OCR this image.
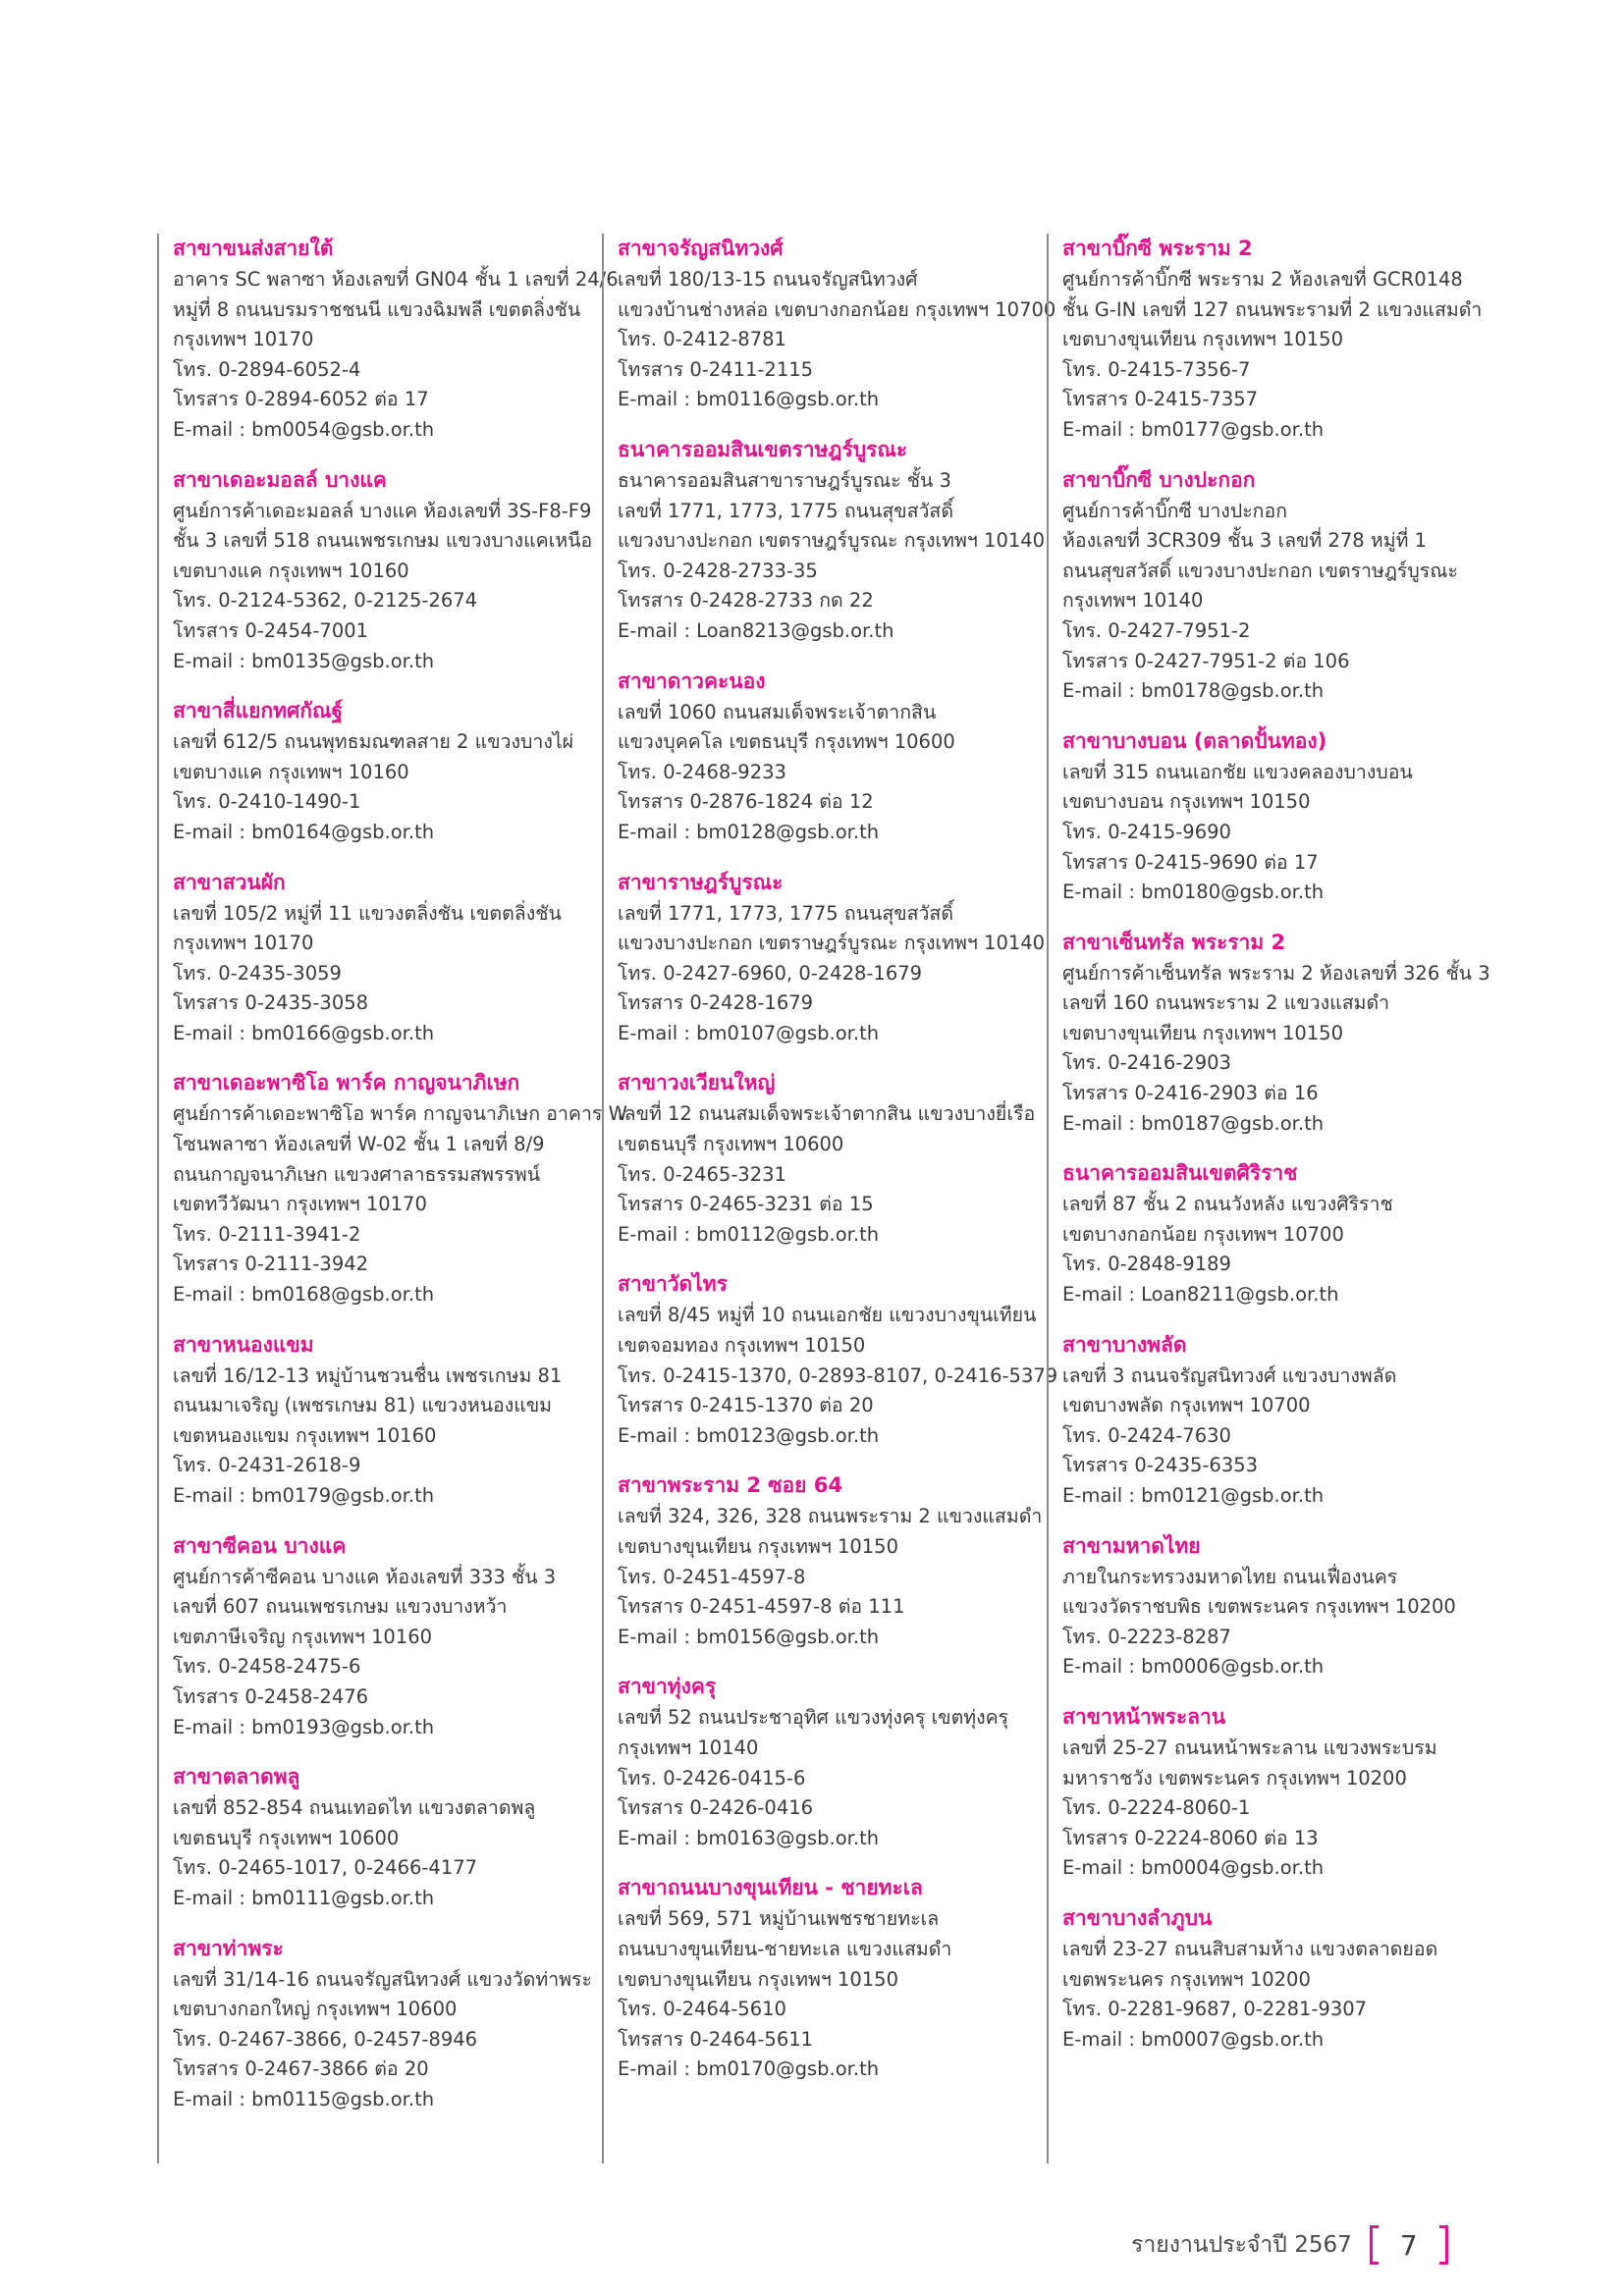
สาขาขนส่งสายใต้
อาคาร SC พลาซา ห้องเลขที่ GN04 ชั้น 1 เลขที่ 24/6
หมู่ที่ 8 ถนนบรมราชชนนี แขวงฉิมพลี เขตตลิ่งชัน
กรุงเทพฯ 10170
โทร. 0-2894-6052-4
โทรสาร 0-2894-6052 ต่อ 17
E-mail : bm0054@gsb.or.th
สาขาเดอะมอลล์ บางแค
ศูนย์การค้าเดอะมอลล์ บางแค ห้องเลขที่ 3S-F8-F9
ชั้น 3 เลขที่ 518 ถนนเพชรเกษม แขวงบางแคเหนือ
เขตบางแค กรุงเทพฯ 10160
โทร. 0-2124-5362, 0-2125-2674
โทรสาร 0-2454-7001
E-mail : bm0135@gsb.or.th
สาขาสี่แยกทศกัณฐ์
เลขที่ 612/5 ถนนพุทธมณฑลสาย 2 แขวงบางไผ่
เขตบางแค กรุงเทพฯ 10160
โทร. 0-2410-1490-1
E-mail : bm0164@gsb.or.th
สาขาสวนผัก
เลขที่ 105/2 หมู่ที่ 11 แขวงตลิ่งชัน เขตตลิ่งชัน
กรุงเทพฯ 10170
โทร. 0-2435-3059
โทรสาร 0-2435-3058
E-mail : bm0166@gsb.or.th
สาขาเดอะพาซิโอ พาร์ค กาญจนาภิเษก
ศูนย์การค้าเดอะพาซิโอ พาร์ค กาญจนาภิเษก อาคาร W
โซนพลาซา ห้องเลขที่ W-02 ชั้น 1 เลขที่ 8/9
ถนนกาญจนาภิเษก แขวงศาลาธรรมสพรรพน์
เขตทวีวัฒนา กรุงเทพฯ 10170
โทร. 0-2111-3941-2
โทรสาร 0-2111-3942
E-mail : bm0168@gsb.or.th
สาขาหนองแขม
เลขที่ 16/12-13 หมู่บ้านชวนชื่น เพชรเกษม 81
ถนนมาเจริญ (เพชรเกษม 81) แขวงหนองแขม
เขตหนองแขม กรุงเทพฯ 10160
โทร. 0-2431-2618-9
E-mail : bm0179@gsb.or.th
สาขาซีคอน บางแค
ศูนย์การค้าซีคอน บางแค ห้องเลขที่ 333 ชั้น 3
เลขที่ 607 ถนนเพชรเกษม แขวงบางหว้า
เขตภาษีเจริญ กรุงเทพฯ 10160
โทร. 0-2458-2475-6
โทรสาร 0-2458-2476
E-mail : bm0193@gsb.or.th
สาขาตลาดพลู
เลขที่ 852-854 ถนนเทอดไท แขวงตลาดพลู
เขตธนบุรี กรุงเทพฯ 10600
โทร. 0-2465-1017, 0-2466-4177
E-mail : bm0111@gsb.or.th
สาขาท่าพระ
เลขที่ 31/14-16 ถนนจรัญสนิทวงศ์ แขวงวัดท่าพระ
เขตบางกอกใหญ่ กรุงเทพฯ 10600
โทร. 0-2467-3866, 0-2457-8946
โทรสาร 0-2467-3866 ต่อ 20
E-mail : bm0115@gsb.or.th
สาขาจรัญสนิทวงศ์
เลขที่ 180/13-15 ถนนจรัญสนิทวงศ์
แขวงบ้านช่างหล่อ เขตบางกอกน้อย กรุงเทพฯ 10700
โทร. 0-2412-8781
โทรสาร 0-2411-2115
E-mail : bm0116@gsb.or.th
ธนาคารออมสินเขตราษฎร์บูรณะ
ธนาคารออมสินสาขาราษฎร์บูรณะ ชั้น 3
เลขที่ 1771, 1773, 1775 ถนนสุขสวัสดิ์
แขวงบางปะกอก เขตราษฎร์บูรณะ กรุงเทพฯ 10140
โทร. 0-2428-2733-35
โทรสาร 0-2428-2733 กด 22
E-mail : Loan8213@gsb.or.th
สาขาดาวคะนอง
เลขที่ 1060 ถนนสมเด็จพระเจ้าตากสิน
แขวงบุคคโล เขตธนบุรี กรุงเทพฯ 10600
โทร. 0-2468-9233
โทรสาร 0-2876-1824 ต่อ 12
E-mail : bm0128@gsb.or.th
สาขาราษฎร์บูรณะ
เลขที่ 1771, 1773, 1775 ถนนสุขสวัสดิ์
แขวงบางปะกอก เขตราษฎร์บูรณะ กรุงเทพฯ 10140
โทร. 0-2427-6960, 0-2428-1679
โทรสาร 0-2428-1679
E-mail : bm0107@gsb.or.th
สาขาวงเวียนใหญ่
เลขที่ 12 ถนนสมเด็จพระเจ้าตากสิน แขวงบางยี่เรือ
เขตธนบุรี กรุงเทพฯ 10600
โทร. 0-2465-3231
โทรสาร 0-2465-3231 ต่อ 15
E-mail : bm0112@gsb.or.th
สาขาวัดไทร
เลขที่ 8/45 หมู่ที่ 10 ถนนเอกชัย แขวงบางขุนเทียน
เขตจอมทอง กรุงเทพฯ 10150
โทร. 0-2415-1370, 0-2893-8107, 0-2416-5379
โทรสาร 0-2415-1370 ต่อ 20
E-mail : bm0123@gsb.or.th
สาขาพระราม 2 ซอย 64
เลขที่ 324, 326, 328 ถนนพระราม 2 แขวงแสมดำ
เขตบางขุนเทียน กรุงเทพฯ 10150
โทร. 0-2451-4597-8
โทรสาร 0-2451-4597-8 ต่อ 111
E-mail : bm0156@gsb.or.th
สาขาทุ่งครุ
เลขที่ 52 ถนนประชาอุทิศ แขวงทุ่งครุ เขตทุ่งครุ
กรุงเทพฯ 10140
โทร. 0-2426-0415-6
โทรสาร 0-2426-0416
E-mail : bm0163@gsb.or.th
สาขาถนนบางขุนเทียน - ชายทะเล
เลขที่ 569, 571 หมู่บ้านเพชรชายทะเล
ถนนบางขุนเทียน-ชายทะเล แขวงแสมดำ
เขตบางขุนเทียน กรุงเทพฯ 10150
โทร. 0-2464-5610
โทรสาร 0-2464-5611
E-mail : bm0170@gsb.or.th
สาขาบิ๊กซี พระราม 2
ศูนย์การค้าบิ๊กซี พระราม 2 ห้องเลขที่ GCR0148
ชั้น G-IN เลขที่ 127 ถนนพระรามที่ 2 แขวงแสมดำ
เขตบางขุนเทียน กรุงเทพฯ 10150
โทร. 0-2415-7356-7
โทรสาร 0-2415-7357
E-mail : bm0177@gsb.or.th
สาขาบิ๊กซี บางปะกอก
ศูนย์การค้าบิ๊กซี บางปะกอก
ห้องเลขที่ 3CR309 ชั้น 3 เลขที่ 278 หมู่ที่ 1
ถนนสุขสวัสดิ์ แขวงบางปะกอก เขตราษฎร์บูรณะ
กรุงเทพฯ 10140
โทร. 0-2427-7951-2
โทรสาร 0-2427-7951-2 ต่อ 106
E-mail : bm0178@gsb.or.th
สาขาบางบอน (ตลาดปั้นทอง)
เลขที่ 315 ถนนเอกชัย แขวงคลองบางบอน
เขตบางบอน กรุงเทพฯ 10150
โทร. 0-2415-9690
โทรสาร 0-2415-9690 ต่อ 17
E-mail : bm0180@gsb.or.th
สาขาเซ็นทรัล พระราม 2
ศูนย์การค้าเซ็นทรัล พระราม 2 ห้องเลขที่ 326 ชั้น 3
เลขที่ 160 ถนนพระราม 2 แขวงแสมดำ
เขตบางขุนเทียน กรุงเทพฯ 10150
โทร. 0-2416-2903
โทรสาร 0-2416-2903 ต่อ 16
E-mail : bm0187@gsb.or.th
ธนาคารออมสินเขตศิริราช
เลขที่ 87 ชั้น 2 ถนนวังหลัง แขวงศิริราช
เขตบางกอกน้อย กรุงเทพฯ 10700
โทร. 0-2848-9189
E-mail : Loan8211@gsb.or.th
สาขาบางพลัด
เลขที่ 3 ถนนจรัญสนิทวงศ์ แขวงบางพลัด
เขตบางพลัด กรุงเทพฯ 10700
โทร. 0-2424-7630
โทรสาร 0-2435-6353
E-mail : bm0121@gsb.or.th
สาขามหาดไทย
ภายในกระทรวงมหาดไทย ถนนเฟื่องนคร
แขวงวัดราชบพิธ เขตพระนคร กรุงเทพฯ 10200
โทร. 0-2223-8287
E-mail : bm0006@gsb.or.th
สาขาหน้าพระลาน
เลขที่ 25-27 ถนนหน้าพระลาน แขวงพระบรม
มหาราชวัง เขตพระนคร กรุงเทพฯ 10200
โทร. 0-2224-8060-1
โทรสาร 0-2224-8060 ต่อ 13
E-mail : bm0004@gsb.or.th
สาขาบางลำภูบน
เลขที่ 23-27 ถนนสิบสามห้าง แขวงตลาดยอด
เขตพระนคร กรุงเทพฯ 10200
โทร. 0-2281-9687, 0-2281-9307
E-mail : bm0007@gsb.or.th
รายงานประจำปี 2567	7
